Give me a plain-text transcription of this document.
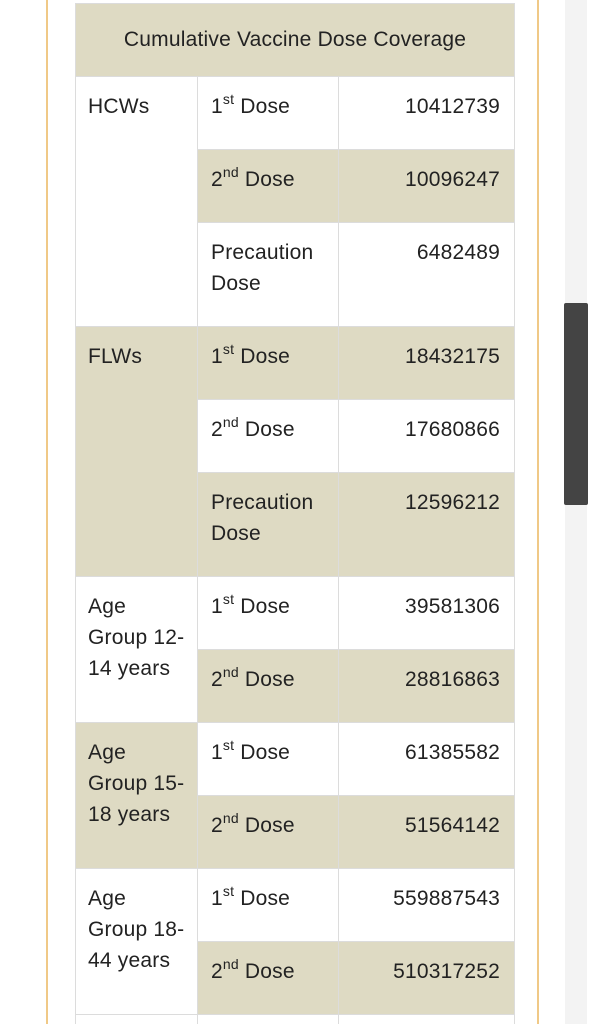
Cumulative Vaccine Dose Coverage		
HCWs	1st Dose	10412739
	2nd Dose	10096247
	Precaution Dose	6482489
FLWs	1st Dose	18432175
	2nd Dose	17680866
	Precaution Dose	12596212
Age Group 12-14 years	1st Dose	39581306
	2nd Dose	28816863
Age Group 15-18 years	1st Dose	61385582
	2nd Dose	51564142
Age Group 18-44 years	1st Dose	559887543
	2nd Dose	510317252
